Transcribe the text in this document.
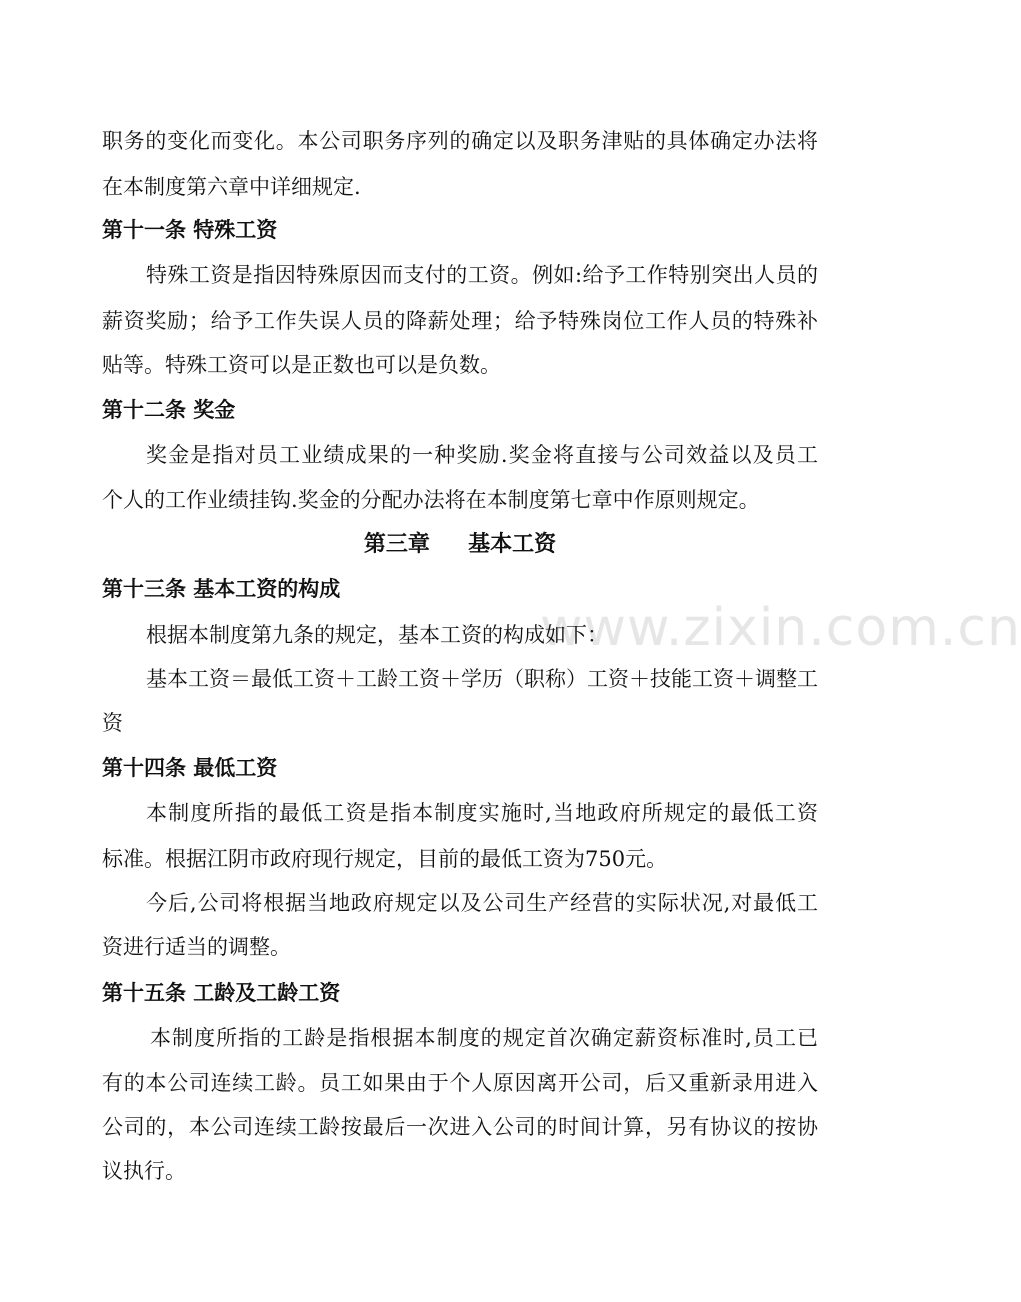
www.zixin.com.cn
职务的变化而变化。本公司职务序列的确定以及职务津贴的具体确定办法将
在本制度第六章中详细规定.
第十一条 特殊工资
特殊工资是指因特殊原因而支付的工资。例如:给予工作特别突出人员的
薪资奖励；给予工作失误人员的降薪处理；给予特殊岗位工作人员的特殊补
贴等。特殊工资可以是正数也可以是负数。
第十二条 奖金
奖金是指对员工业绩成果的一种奖励.奖金将直接与公司效益以及员工
个人的工作业绩挂钩.奖金的分配办法将在本制度第七章中作原则规定。
第三章     基本工资
第十三条 基本工资的构成
根据本制度第九条的规定，基本工资的构成如下：
基本工资＝最低工资＋工龄工资＋学历（职称）工资＋技能工资＋调整工
资
第十四条 最低工资
本制度所指的最低工资是指本制度实施时,当地政府所规定的最低工资
标准。根据江阴市政府现行规定，目前的最低工资为750元。
今后,公司将根据当地政府规定以及公司生产经营的实际状况,对最低工
资进行适当的调整。
第十五条 工龄及工龄工资
本制度所指的工龄是指根据本制度的规定首次确定薪资标准时,员工已
有的本公司连续工龄。员工如果由于个人原因离开公司，后又重新录用进入
公司的，本公司连续工龄按最后一次进入公司的时间计算，另有协议的按协
议执行。
